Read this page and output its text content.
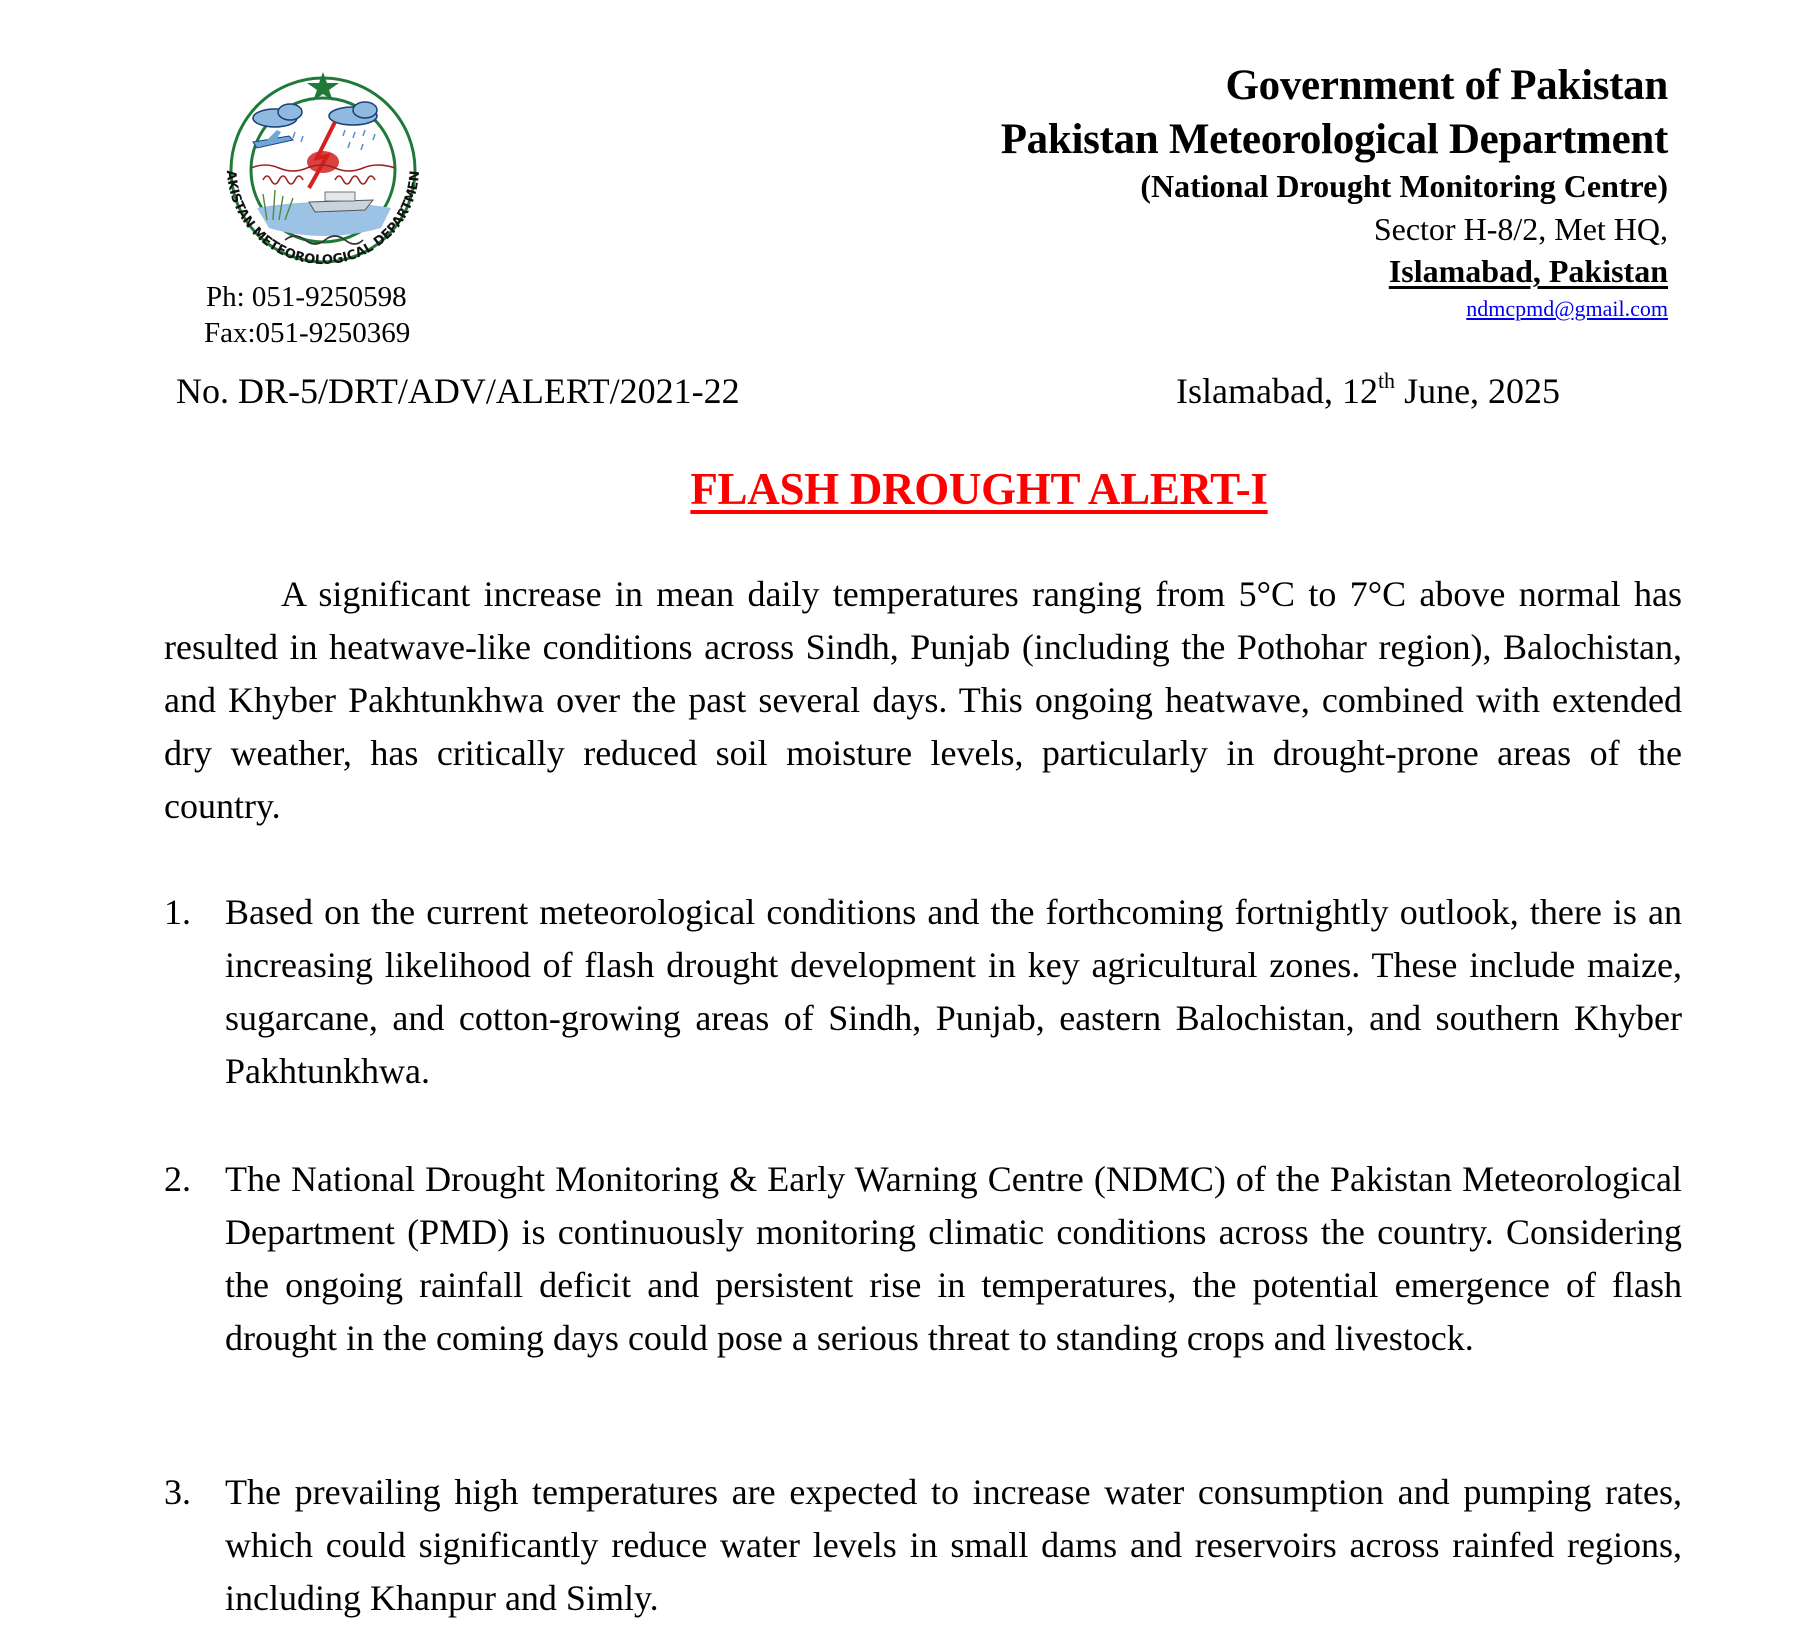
AKISTAN METEOROLOGICAL DEPARTMEN
Ph: 051-9250598
Fax:051-9250369
Government of Pakistan
Pakistan Meteorological Department
(National Drought Monitoring Centre)
Sector H-8/2, Met HQ,
Islamabad, Pakistan
ndmcpmd@gmail.com
No. DR-5/DRT/ADV/ALERT/2021-22	Islamabad, 12th June, 2025
FLASH DROUGHT ALERT-I
A significant increase in mean daily temperatures ranging from 5°C to 7°C above normal has resulted in heatwave-like conditions across Sindh, Punjab (including the Pothohar region), Balochistan, and Khyber Pakhtunkhwa over the past several days. This ongoing heatwave, combined with extended dry weather, has critically reduced soil moisture levels, particularly in drought-prone areas of the country.
1. Based on the current meteorological conditions and the forthcoming fortnightly outlook, there is an increasing likelihood of flash drought development in key agricultural zones. These include maize, sugarcane, and cotton-growing areas of Sindh, Punjab, eastern Balochistan, and southern Khyber Pakhtunkhwa.
2. The National Drought Monitoring & Early Warning Centre (NDMC) of the Pakistan Meteorological Department (PMD) is continuously monitoring climatic conditions across the country. Considering the ongoing rainfall deficit and persistent rise in temperatures, the potential emergence of flash drought in the coming days could pose a serious threat to standing crops and livestock.
3. The prevailing high temperatures are expected to increase water consumption and pumping rates, which could significantly reduce water levels in small dams and reservoirs across rainfed regions, including Khanpur and Simly.
